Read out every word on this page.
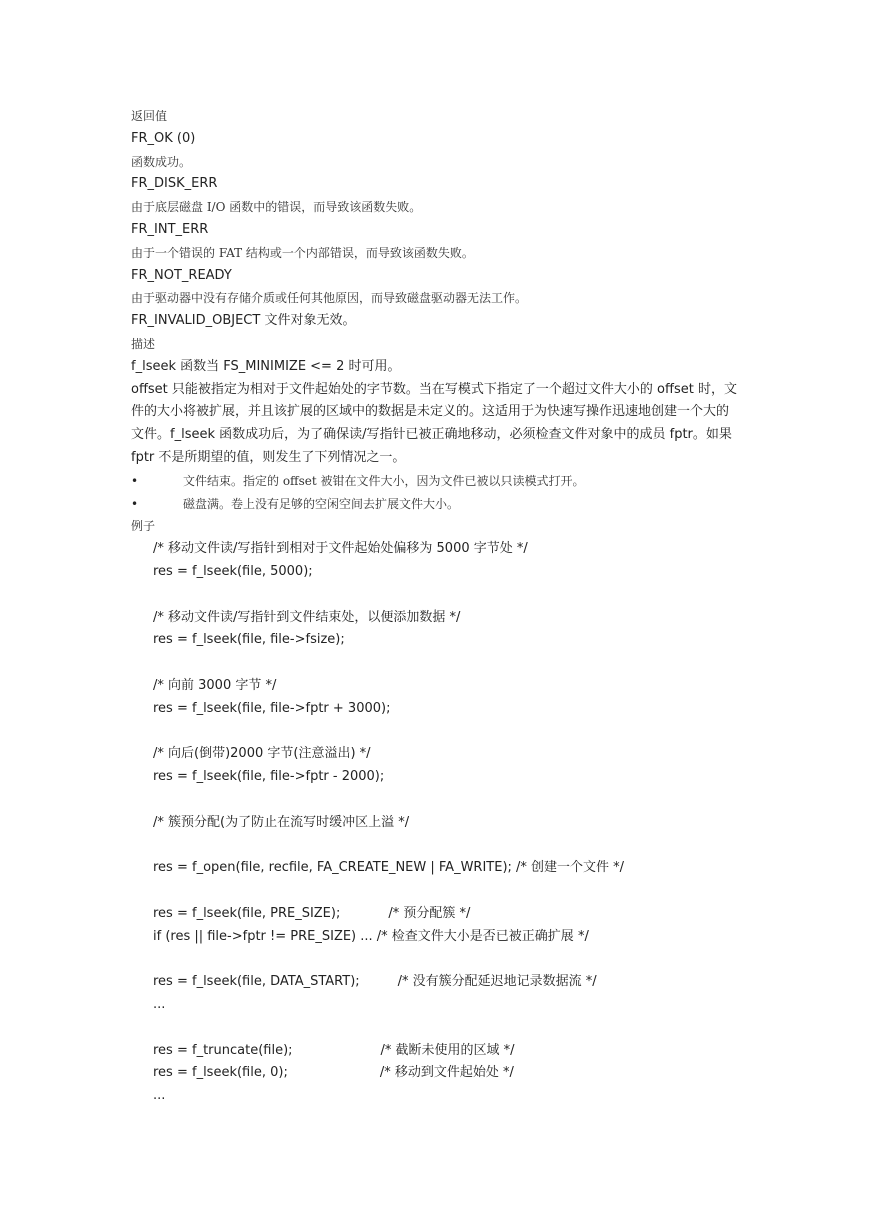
返回值
FR_OK (0)
函数成功。
FR_DISK_ERR
由于底层磁盘 I/O 函数中的错误，而导致该函数失败。
FR_INT_ERR
由于一个错误的 FAT 结构或一个内部错误，而导致该函数失败。
FR_NOT_READY
由于驱动器中没有存储介质或任何其他原因，而导致磁盘驱动器无法工作。
FR_INVALID_OBJECT 文件对象无效。
描述
f_lseek 函数当 FS_MINIMIZE <= 2 时可用。
offset 只能被指定为相对于文件起始处的字节数。当在写模式下指定了一个超过文件大小的 offset 时，文
件的大小将被扩展，并且该扩展的区域中的数据是未定义的。这适用于为快速写操作迅速地创建一个大的
文件。f_lseek 函数成功后，为了确保读/写指针已被正确地移动，必须检查文件对象中的成员 fptr。如果
fptr 不是所期望的值，则发生了下列情况之一。
•	文件结束。指定的 offset 被钳在文件大小，因为文件已被以只读模式打开。
•	磁盘满。卷上没有足够的空闲空间去扩展文件大小。
例子
/* 移动文件读/写指针到相对于文件起始处偏移为 5000 字节处 */
res = f_lseek(file, 5000);
/* 移动文件读/写指针到文件结束处，以便添加数据 */
res = f_lseek(file, file->fsize);
/* 向前 3000 字节 */
res = f_lseek(file, file->fptr + 3000);
/* 向后(倒带)2000 字节(注意溢出) */
res = f_lseek(file, file->fptr - 2000);
/* 簇预分配(为了防止在流写时缓冲区上溢 */
res = f_open(file, recfile, FA_CREATE_NEW | FA_WRITE); /* 创建一个文件 */
res = f_lseek(file, PRE_SIZE);	/* 预分配簇 */
if (res || file->fptr != PRE_SIZE) ... /* 检查文件大小是否已被正确扩展 */
res = f_lseek(file, DATA_START);	/* 没有簇分配延迟地记录数据流 */
...
res = f_truncate(file);	/* 截断未使用的区域 */
res = f_lseek(file, 0);	/* 移动到文件起始处 */
...
